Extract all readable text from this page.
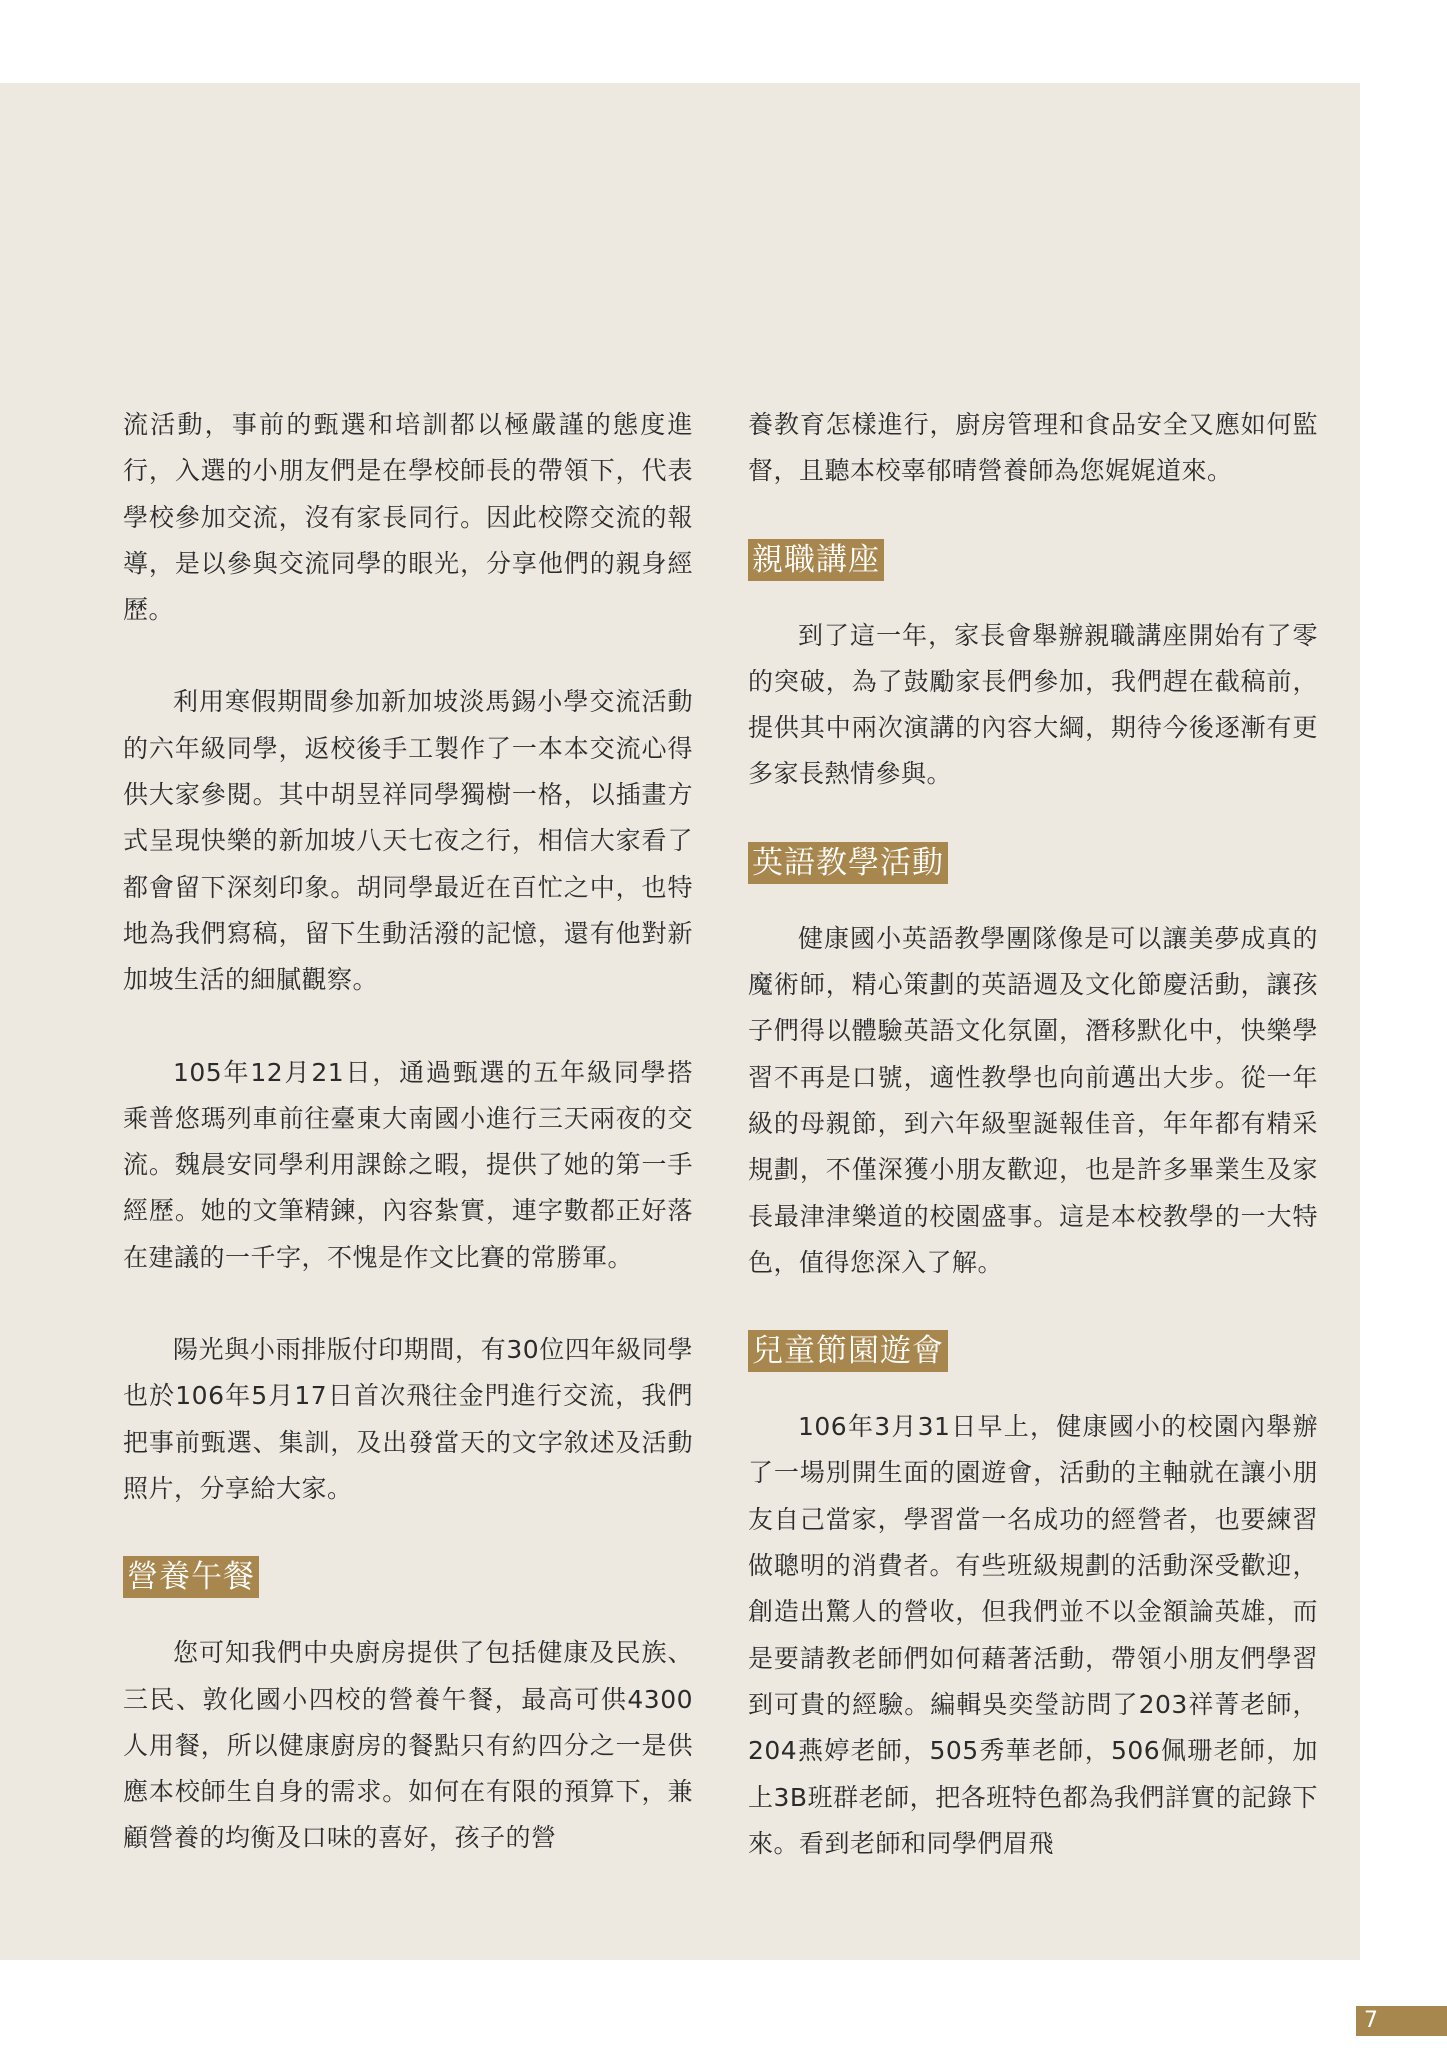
流活動，事前的甄選和培訓都以極嚴謹的態度進行，入選的小朋友們是在學校師長的帶領下，代表學校參加交流，沒有家長同行。因此校際交流的報導，是以參與交流同學的眼光，分享他們的親身經歷。

利用寒假期間參加新加坡淡馬錫小學交流活動的六年級同學，返校後手工製作了一本本交流心得供大家參閱。其中胡昱祥同學獨樹一格，以插畫方式呈現快樂的新加坡八天七夜之行，相信大家看了都會留下深刻印象。胡同學最近在百忙之中，也特地為我們寫稿，留下生動活潑的記憶，還有他對新加坡生活的細膩觀察。

105年12月21日，通過甄選的五年級同學搭乘普悠瑪列車前往臺東大南國小進行三天兩夜的交流。魏晨安同學利用課餘之暇，提供了她的第一手經歷。她的文筆精鍊，內容紮實，連字數都正好落在建議的一千字，不愧是作文比賽的常勝軍。

陽光與小雨排版付印期間，有30位四年級同學也於106年5月17日首次飛往金門進行交流，我們把事前甄選、集訓，及出發當天的文字敘述及活動照片，分享給大家。

營養午餐

您可知我們中央廚房提供了包括健康及民族、三民、敦化國小四校的營養午餐，最高可供4300人用餐，所以健康廚房的餐點只有約四分之一是供應本校師生自身的需求。如何在有限的預算下，兼顧營養的均衡及口味的喜好，孩子的營

養教育怎樣進行，廚房管理和食品安全又應如何監督，且聽本校辜郁晴營養師為您娓娓道來。

親職講座

到了這一年，家長會舉辦親職講座開始有了零的突破，為了鼓勵家長們參加，我們趕在截稿前，提供其中兩次演講的內容大綱，期待今後逐漸有更多家長熱情參與。

英語教學活動

健康國小英語教學團隊像是可以讓美夢成真的魔術師，精心策劃的英語週及文化節慶活動，讓孩子們得以體驗英語文化氛圍，潛移默化中，快樂學習不再是口號，適性教學也向前邁出大步。從一年級的母親節，到六年級聖誕報佳音，年年都有精采規劃，不僅深獲小朋友歡迎，也是許多畢業生及家長最津津樂道的校園盛事。這是本校教學的一大特色，值得您深入了解。

兒童節園遊會

106年3月31日早上，健康國小的校園內舉辦了一場別開生面的園遊會，活動的主軸就在讓小朋友自己當家，學習當一名成功的經營者，也要練習做聰明的消費者。有些班級規劃的活動深受歡迎，創造出驚人的營收，但我們並不以金額論英雄，而是要請教老師們如何藉著活動，帶領小朋友們學習到可貴的經驗。編輯吳奕瑩訪問了203祥菁老師，204燕婷老師，505秀華老師，506佩珊老師，加上3B班群老師，把各班特色都為我們詳實的記錄下來。看到老師和同學們眉飛

7
